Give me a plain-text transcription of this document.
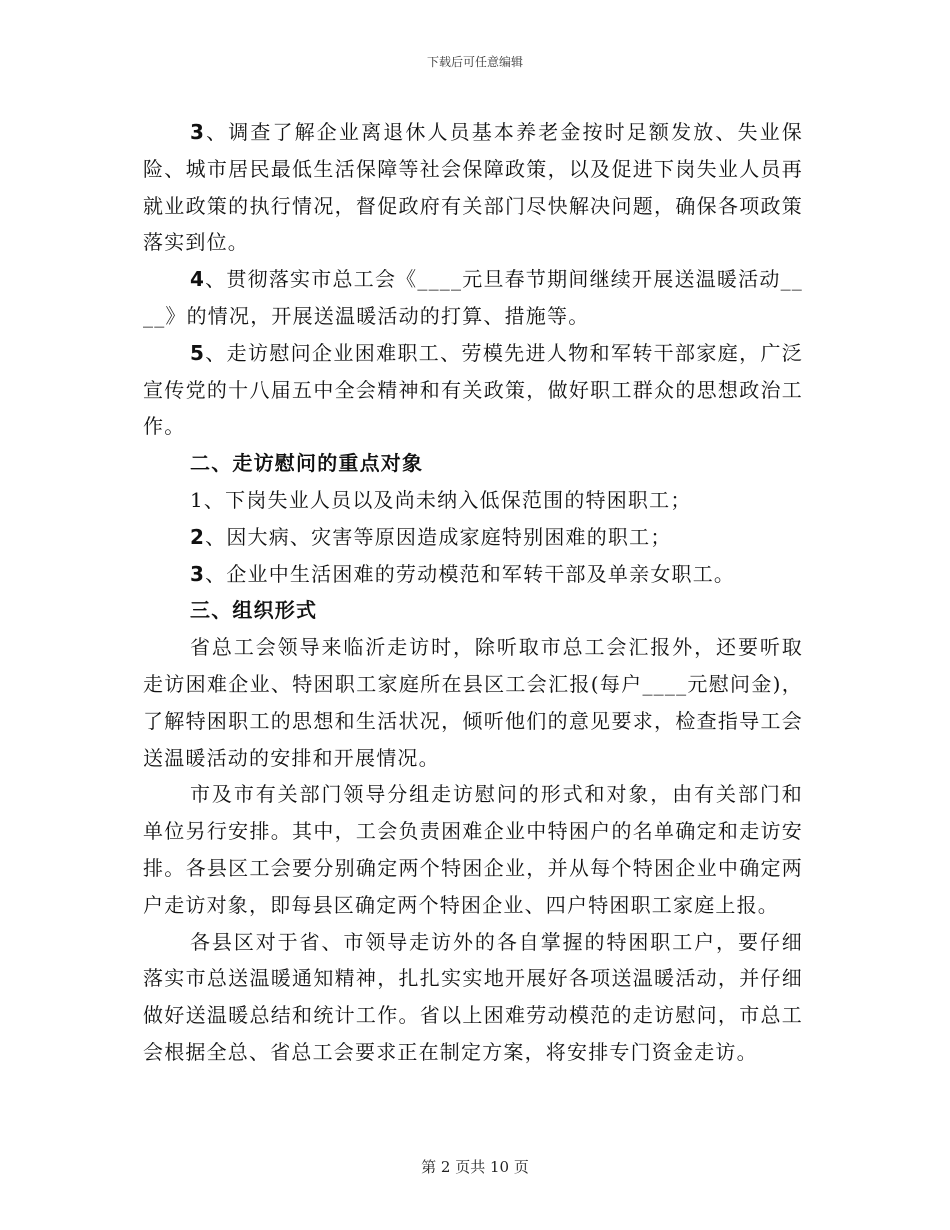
下载后可任意编辑

3、调查了解企业离退休人员基本养老金按时足额发放、失业保险、城市居民最低生活保障等社会保障政策，以及促进下岗失业人员再就业政策的执行情况，督促政府有关部门尽快解决问题，确保各项政策落实到位。

4、贯彻落实市总工会《____元旦春节期间继续开展送温暖活动____》的情况，开展送温暖活动的打算、措施等。

5、走访慰问企业困难职工、劳模先进人物和军转干部家庭，广泛宣传党的十八届五中全会精神和有关政策，做好职工群众的思想政治工作。

二、走访慰问的重点对象

1、下岗失业人员以及尚未纳入低保范围的特困职工；

2、因大病、灾害等原因造成家庭特别困难的职工；

3、企业中生活困难的劳动模范和军转干部及单亲女职工。

三、组织形式

省总工会领导来临沂走访时，除听取市总工会汇报外，还要听取走访困难企业、特困职工家庭所在县区工会汇报(每户____元慰问金)，了解特困职工的思想和生活状况，倾听他们的意见要求，检查指导工会送温暖活动的安排和开展情况。

市及市有关部门领导分组走访慰问的形式和对象，由有关部门和单位另行安排。其中，工会负责困难企业中特困户的名单确定和走访安排。各县区工会要分别确定两个特困企业，并从每个特困企业中确定两户走访对象，即每县区确定两个特困企业、四户特困职工家庭上报。

各县区对于省、市领导走访外的各自掌握的特困职工户，要仔细落实市总送温暖通知精神，扎扎实实地开展好各项送温暖活动，并仔细做好送温暖总结和统计工作。省以上困难劳动模范的走访慰问，市总工会根据全总、省总工会要求正在制定方案，将安排专门资金走访。

第 2 页共 10 页
